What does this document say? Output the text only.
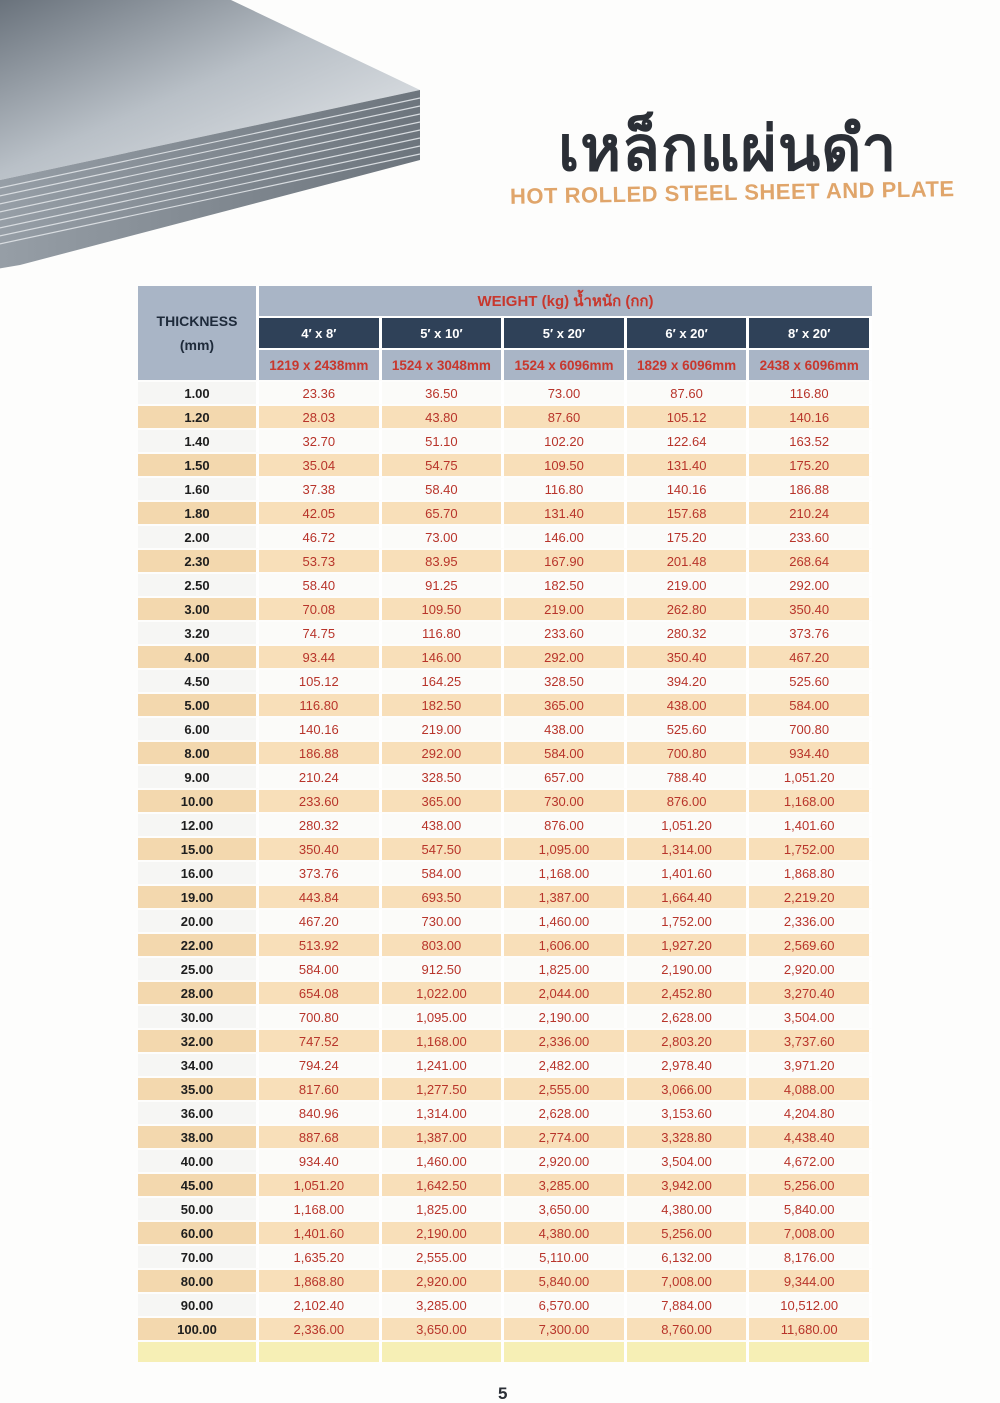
เหล็กแผ่นดำ
HOT ROLLED STEEL SHEET AND PLATE
THICKNESS
(mm)	WEIGHT (kg) น้ำหนัก (กก)				
	4′ x 8′	5′ x 10′	5′ x 20′	6′ x 20′	8′ x 20′
	1219 x 2438mm	1524 x 3048mm	1524 x 6096mm	1829 x 6096mm	2438 x 6096mm
1.00	23.36	36.50	73.00	87.60	116.80
1.20	28.03	43.80	87.60	105.12	140.16
1.40	32.70	51.10	102.20	122.64	163.52
1.50	35.04	54.75	109.50	131.40	175.20
1.60	37.38	58.40	116.80	140.16	186.88
1.80	42.05	65.70	131.40	157.68	210.24
2.00	46.72	73.00	146.00	175.20	233.60
2.30	53.73	83.95	167.90	201.48	268.64
2.50	58.40	91.25	182.50	219.00	292.00
3.00	70.08	109.50	219.00	262.80	350.40
3.20	74.75	116.80	233.60	280.32	373.76
4.00	93.44	146.00	292.00	350.40	467.20
4.50	105.12	164.25	328.50	394.20	525.60
5.00	116.80	182.50	365.00	438.00	584.00
6.00	140.16	219.00	438.00	525.60	700.80
8.00	186.88	292.00	584.00	700.80	934.40
9.00	210.24	328.50	657.00	788.40	1,051.20
10.00	233.60	365.00	730.00	876.00	1,168.00
12.00	280.32	438.00	876.00	1,051.20	1,401.60
15.00	350.40	547.50	1,095.00	1,314.00	1,752.00
16.00	373.76	584.00	1,168.00	1,401.60	1,868.80
19.00	443.84	693.50	1,387.00	1,664.40	2,219.20
20.00	467.20	730.00	1,460.00	1,752.00	2,336.00
22.00	513.92	803.00	1,606.00	1,927.20	2,569.60
25.00	584.00	912.50	1,825.00	2,190.00	2,920.00
28.00	654.08	1,022.00	2,044.00	2,452.80	3,270.40
30.00	700.80	1,095.00	2,190.00	2,628.00	3,504.00
32.00	747.52	1,168.00	2,336.00	2,803.20	3,737.60
34.00	794.24	1,241.00	2,482.00	2,978.40	3,971.20
35.00	817.60	1,277.50	2,555.00	3,066.00	4,088.00
36.00	840.96	1,314.00	2,628.00	3,153.60	4,204.80
38.00	887.68	1,387.00	2,774.00	3,328.80	4,438.40
40.00	934.40	1,460.00	2,920.00	3,504.00	4,672.00
45.00	1,051.20	1,642.50	3,285.00	3,942.00	5,256.00
50.00	1,168.00	1,825.00	3,650.00	4,380.00	5,840.00
60.00	1,401.60	2,190.00	4,380.00	5,256.00	7,008.00
70.00	1,635.20	2,555.00	5,110.00	6,132.00	8,176.00
80.00	1,868.80	2,920.00	5,840.00	7,008.00	9,344.00
90.00	2,102.40	3,285.00	6,570.00	7,884.00	10,512.00
100.00	2,336.00	3,650.00	7,300.00	8,760.00	11,680.00

5
